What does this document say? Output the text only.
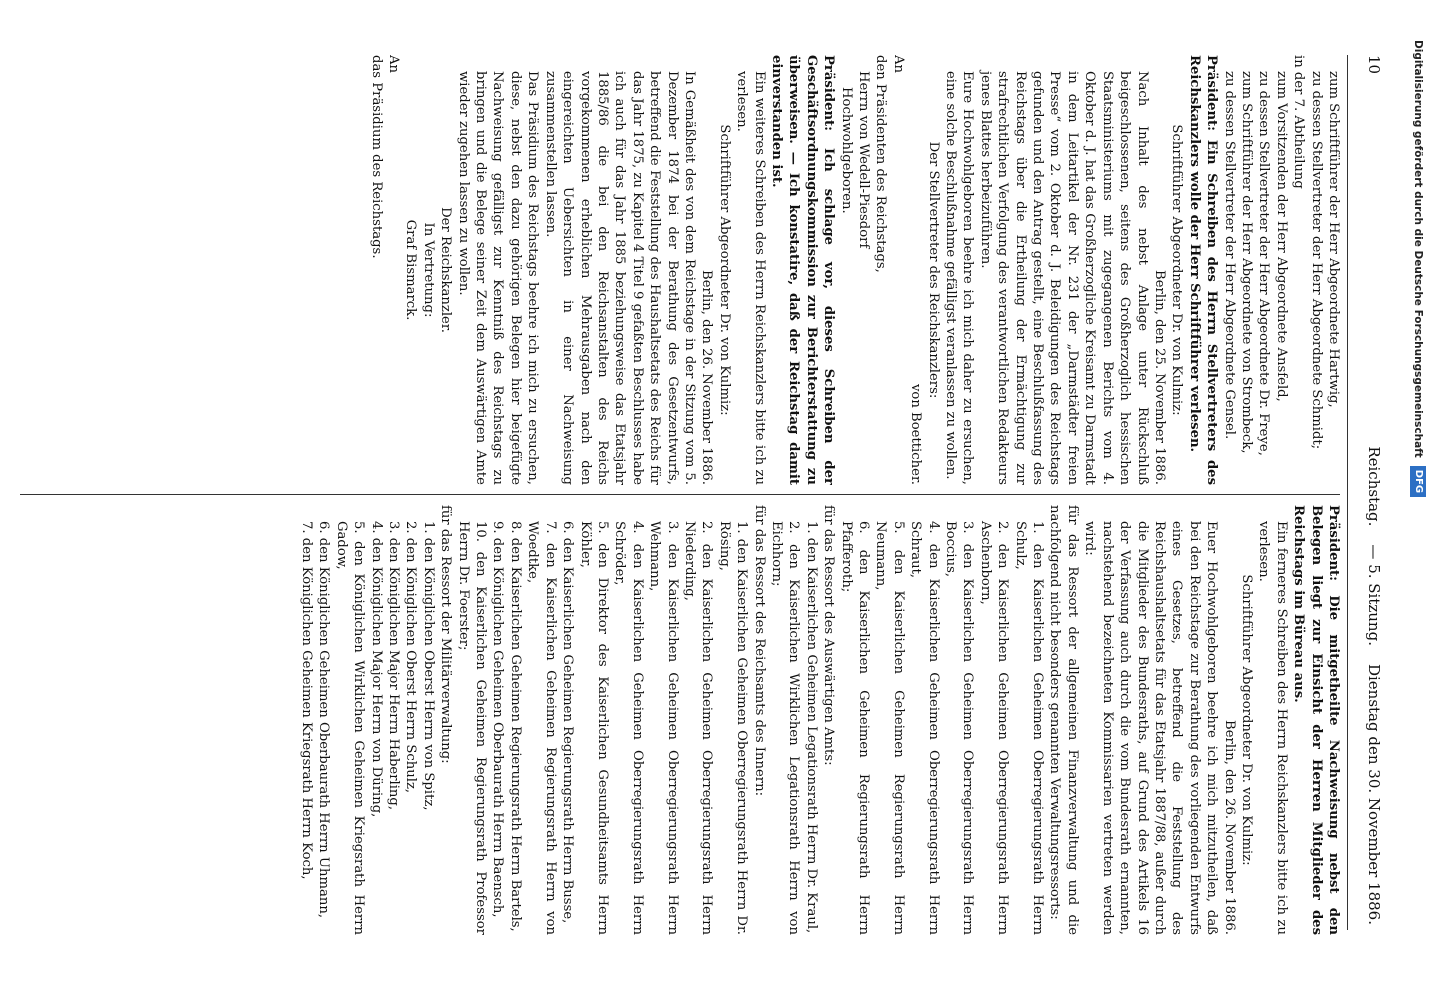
10
Reichstag.
— 5. Sitzung.
Dienstag den 30. November 1886.

zum Schriftführer der Herr Abgeordnete Hartwig,

zu dessen Stellvertreter der Herr Abgeordnete Schmidt;

in der 7. Abtheilung

zum Vorsitzenden der Herr Abgeordnete Ansfeld,

zu dessen Stellvertreter der Herr Abgeordnete Dr. Freye,

zum Schriftführer der Herr Abgeordnete von Strombeck,

zu dessen Stellvertreter der Herr Abgeordnete Gensel.

Präsident: Ein Schreiben des Herrn Stellvertreters des Reichskanzlers wolle der Herr Schriftführer verlesen.

Schriftführer Abgeordneter Dr. von Kulmiz:

Berlin, den 25. November 1886.

Nach Inhalt des nebst Anlage unter Rückschluß beigeschlossenen, seitens des Großherzoglich hessischen Staatsministeriums mit zugegangenen Berichts vom 4. Oktober d. J. hat das Großherzogliche Kreisamt zu Darmstadt in dem Leitartikel der Nr. 231 der „Darmstädter freien Presse“ vom 2. Oktober d. J. Beleidigungen des Reichstags gefunden und den Antrag gestellt, eine Beschlußfassung des Reichstags über die Ertheilung der Ermächtigung zur strafrechtlichen Verfolgung des verantwortlichen Redakteurs jenes Blattes herbeizuführen.

Eure Hochwohlgeboren beehre ich mich daher zu ersuchen, eine solche Beschlußnahme gefälligst veranlassen zu wollen.

Der Stellvertreter des Reichskanzlers:

von Boetticher.

An

den Präsidenten des Reichstags,

Herrn von Wedell-Piesdorf

Hochwohlgeboren.

Präsident: Ich schlage vor, dieses Schreiben der Geschäftsordnungskommission zur Berichterstattung zu überweisen. — Ich konstatire, daß der Reichstag damit einverstanden ist.

Ein weiteres Schreiben des Herrn Reichskanzlers bitte ich zu verlesen.

Schriftführer Abgeordneter Dr. von Kulmiz:

Berlin, den 26. November 1886.

In Gemäßheit des von dem Reichstage in der Sitzung vom 5. Dezember 1874 bei der Berathung des Gesetzentwurfs, betreffend die Feststellung des Haushaltsetats des Reichs für das Jahr 1875, zu Kapitel 4 Titel 9 gefaßten Beschlusses habe ich auch für das Jahr 1885 beziehungsweise das Etatsjahr 1885/86 die bei den Reichsanstalten des Reichs vorgekommenen erheblichen Mehrausgaben nach den eingereichten Uebersichten in einer Nachweisung zusammenstellen lassen.

Das Präsidium des Reichstags beehre ich mich zu ersuchen, diese, nebst den dazu gehörigen Belegen hier beigefügte Nachweisung gefälligst zur Kenntniß des Reichstags zu bringen und die Belege seiner Zeit dem Auswärtigen Amte wieder zugehen lassen zu wollen.

Der Reichskanzler.

In Vertretung:

Graf Bismarck.

An

das Präsidium des Reichstags.

Präsident: Die mitgetheilte Nachweisung nebst den Belegen liegt zur Einsicht der Herren Mitglieder des Reichstags im Büreau aus.

Ein ferneres Schreiben des Herrn Reichskanzlers bitte ich zu verlesen.

Schriftführer Abgeordneter Dr. von Kulmiz:

Berlin, den 26. November 1886.

Euer Hochwohlgeboren beehre ich mich mitzutheilen, daß bei den Reichstage zur Berathung des vorliegenden Entwurfs eines Gesetzes, betreffend die Feststellung des Reichshaushaltsetats für das Etatsjahr 1887/88, außer durch die Mitglieder des Bundesraths, auf Grund des Artikels 16 der Verfassung auch durch die vom Bundesrath ernannten, nachstehend bezeichneten Kommissarien vertreten werden wird:

für das Ressort der allgemeinen Finanzverwaltung und die nachfolgend nicht besonders genannten Verwaltungsressorts:

1. den Kaiserlichen Geheimen Oberregierungsrath Herrn Schulz,

2. den Kaiserlichen Geheimen Oberregierungsrath Herrn Aschenborn,

3. den Kaiserlichen Geheimen Oberregierungsrath Herrn Boccius,

4. den Kaiserlichen Geheimen Oberregierungsrath Herrn Schraut,

5. den Kaiserlichen Geheimen Regierungsrath Herrn Neumann,

6. den Kaiserlichen Geheimen Regierungsrath Herrn Pfafferoth;

für das Ressort des Auswärtigen Amts:

1. den Kaiserlichen Geheimen Legationsrath Herrn Dr. Kraul,

2. den Kaiserlichen Wirklichen Legationsrath Herrn von Eichhorn;

für das Ressort des Reichsamts des Innern:

1. den Kaiserlichen Geheimen Oberregierungsrath Herrn Dr. Rösing,

2. den Kaiserlichen Geheimen Oberregierungsrath Herrn Niederding,

3. den Kaiserlichen Geheimen Oberregierungsrath Herrn Wehmann,

4. den Kaiserlichen Geheimen Oberregierungsrath Herrn Schröder,

5. den Direktor des Kaiserlichen Gesundheitsamts Herrn Köhler,

6. den Kaiserlichen Geheimen Regierungsrath Herrn Busse,

7. den Kaiserlichen Geheimen Regierungsrath Herrn von Woedtke,

8. den Kaiserlichen Geheimen Regierungsrath Herrn Bartels,

9. den Königlichen Geheimen Oberbaurath Herrn Baensch,

10. den Kaiserlichen Geheimen Regierungsrath Professor Herrn Dr. Foerster;

für das Ressort der Militärverwaltung:

1. den Königlichen Oberst Herrn von Spitz,

2. den Königlichen Oberst Herrn Schulz,

3. den Königlichen Major Herrn Haberling,

4. den Königlichen Major Herrn von Düring,

5. den Königlichen Wirklichen Geheimen Kriegsrath Herrn Gadow,

6. den Königlichen Geheimen Oberbaurath Herrn Uhmann,

7. den Königlichen Geheimen Kriegsrath Herrn Koch,

Digitalisierung gefördert durch die Deutsche Forschungsgemeinschaft
DFG
